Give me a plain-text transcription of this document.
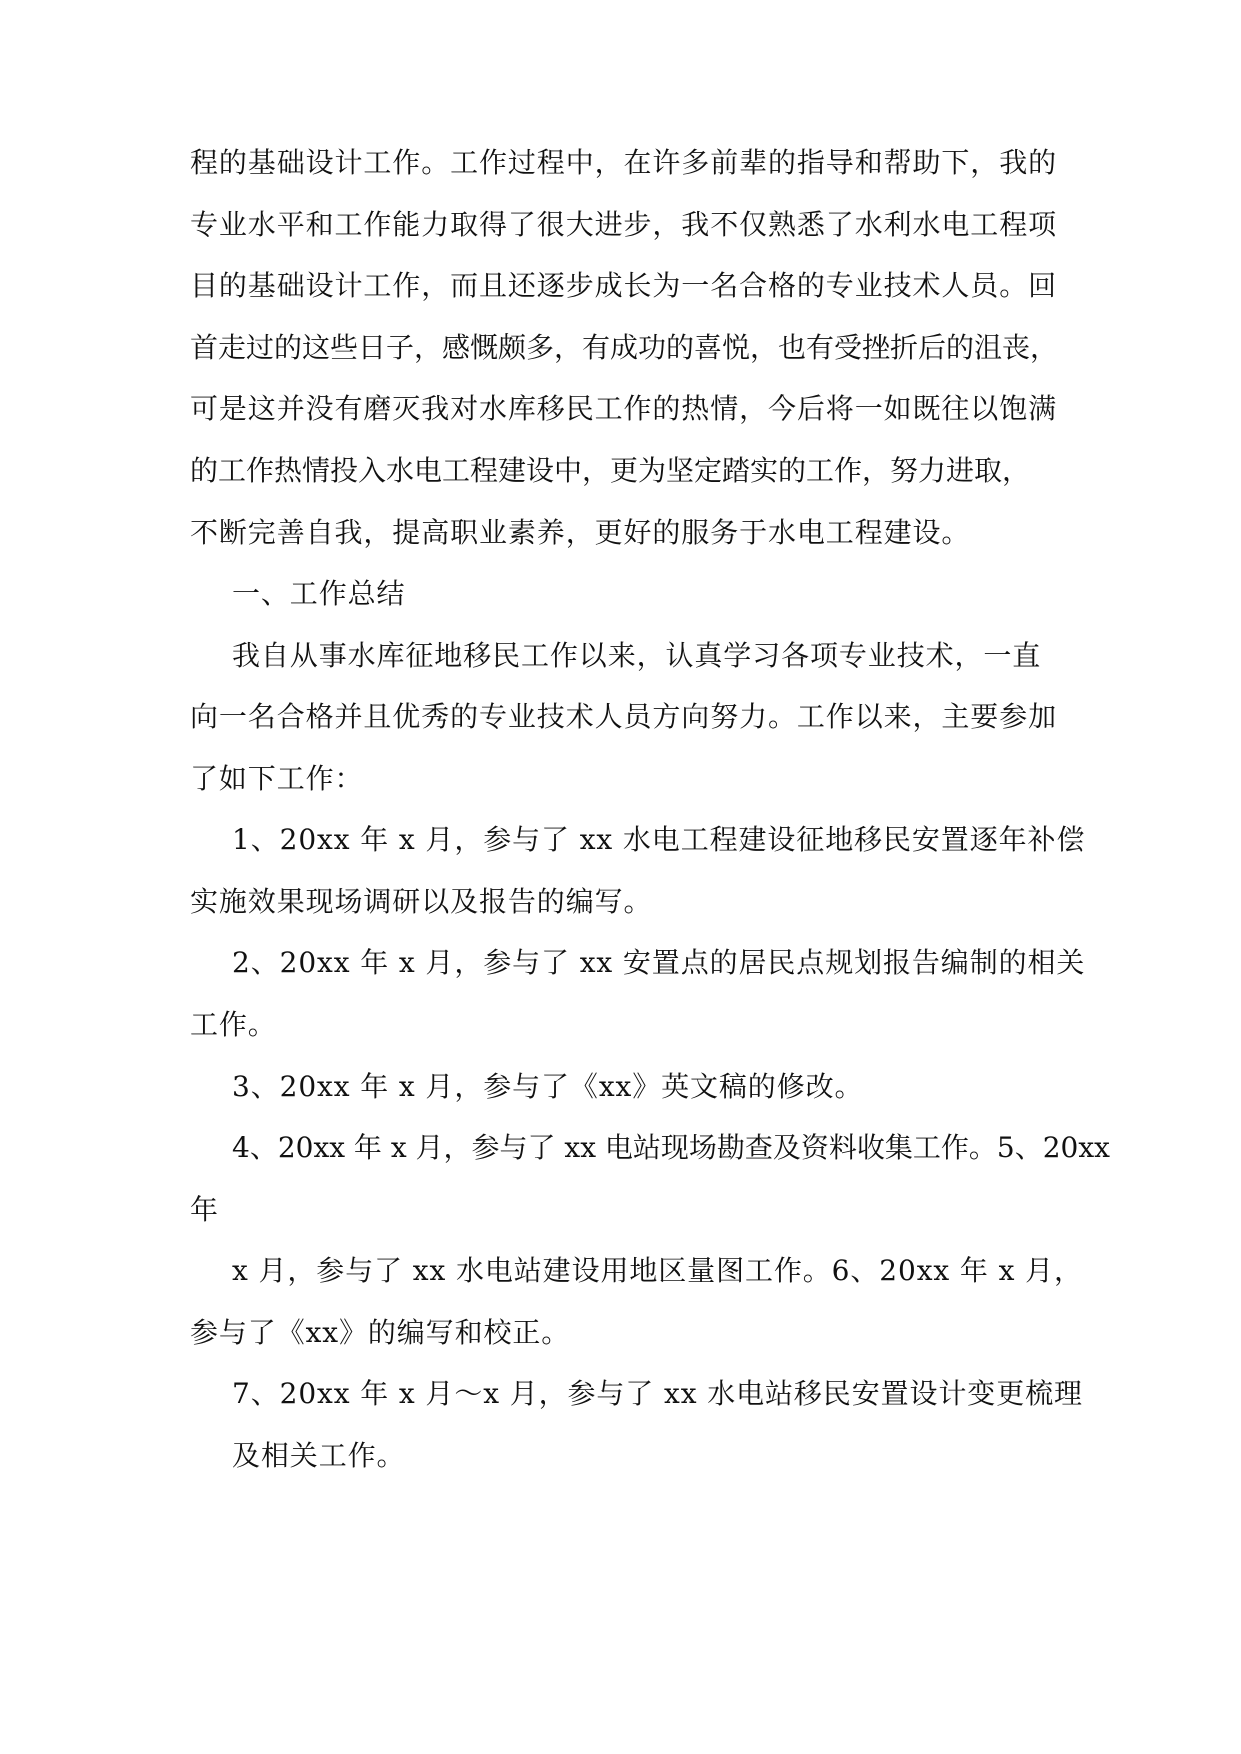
程的基础设计工作。工作过程中，在许多前辈的指导和帮助下，我的

专业水平和工作能力取得了很大进步，我不仅熟悉了水利水电工程项

目的基础设计工作，而且还逐步成长为一名合格的专业技术人员。回

首走过的这些日子，感慨颇多，有成功的喜悦，也有受挫折后的沮丧，

可是这并没有磨灭我对水库移民工作的热情，今后将一如既往以饱满

的工作热情投入水电工程建设中，更为坚定踏实的工作，努力进取，

不断完善自我，提高职业素养，更好的服务于水电工程建设。

一、工作总结

我自从事水库征地移民工作以来，认真学习各项专业技术，一直

向一名合格并且优秀的专业技术人员方向努力。工作以来，主要参加

了如下工作：

1、20xx 年 x 月，参与了 xx 水电工程建设征地移民安置逐年补偿

实施效果现场调研以及报告的编写。

2、20xx 年 x 月，参与了 xx 安置点的居民点规划报告编制的相关

工作。

3、20xx 年 x 月，参与了《xx》英文稿的修改。

4、20xx 年 x 月，参与了 xx 电站现场勘查及资料收集工作。5、20xx

年

x 月，参与了 xx 水电站建设用地区量图工作。6、20xx 年 x 月，

参与了《xx》的编写和校正。

7、20xx 年 x 月～x 月，参与了 xx 水电站移民安置设计变更梳理

及相关工作。
